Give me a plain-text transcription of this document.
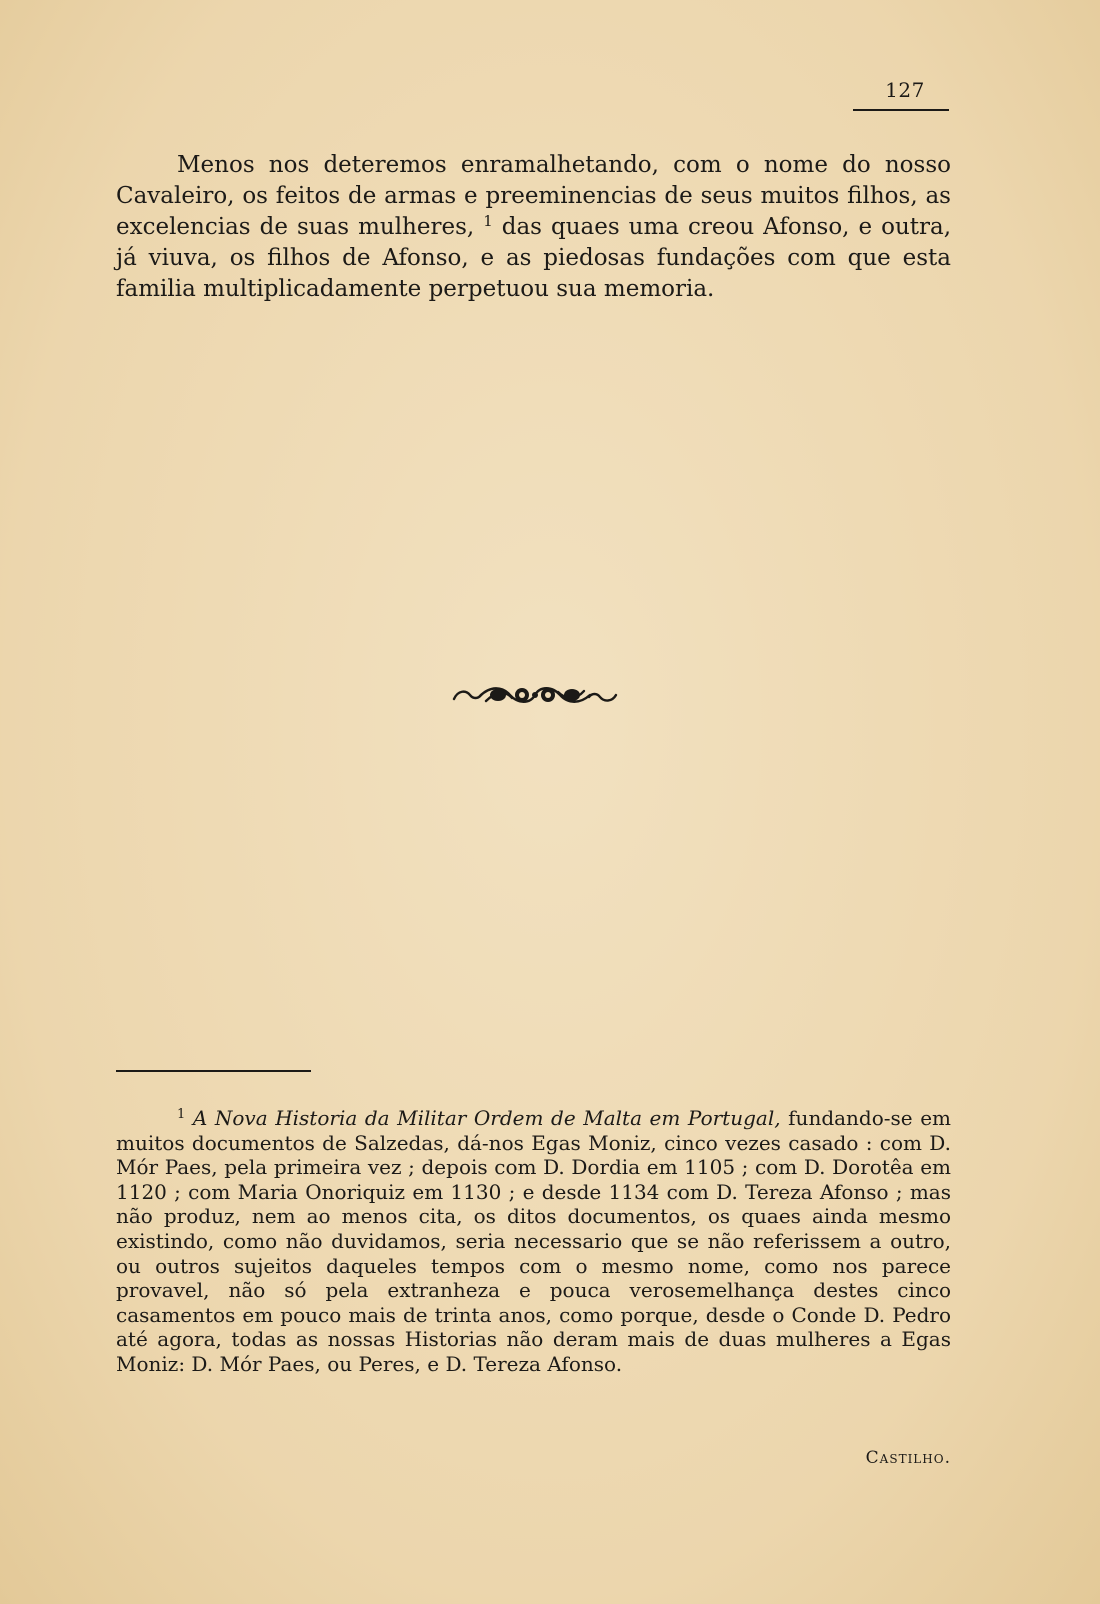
127

Menos nos deteremos enramalhetando, com o nome do nosso Cavaleiro, os feitos de armas e preeminencias de seus muitos filhos, as excelencias de suas mulheres, $^1$ das quaes uma creou Afonso, e outra, já viuva, os filhos de Afonso, e as piedosas fundações com que esta familia multiplicadamente perpetuou sua memoria.

$^1$ A Nova Historia da Militar Ordem de Malta em Portugal, fundando-se em muitos documentos de Salzedas, dá-nos Egas Moniz, cinco vezes casado : com D. Mór Paes, pela primeira vez ; depois com D. Dordia em 1105 ; com D. Dorotêa em 1120 ; com Maria Onoriquiz em 1130 ; e desde 1134 com D. Tereza Afonso ; mas não produz, nem ao menos cita, os ditos documentos, os quaes ainda mesmo existindo, como não duvidamos, seria necessario que se não referissem a outro, ou outros sujeitos daqueles tempos com o mesmo nome, como nos parece provavel, não só pela extranheza e pouca verosemelhança destes cinco casamentos em pouco mais de trinta anos, como porque, desde o Conde D. Pedro até agora, todas as nossas Historias não deram mais de duas mulheres a Egas Moniz: D. Mór Paes, ou Peres, e D. Tereza Afonso.

Castilho.
